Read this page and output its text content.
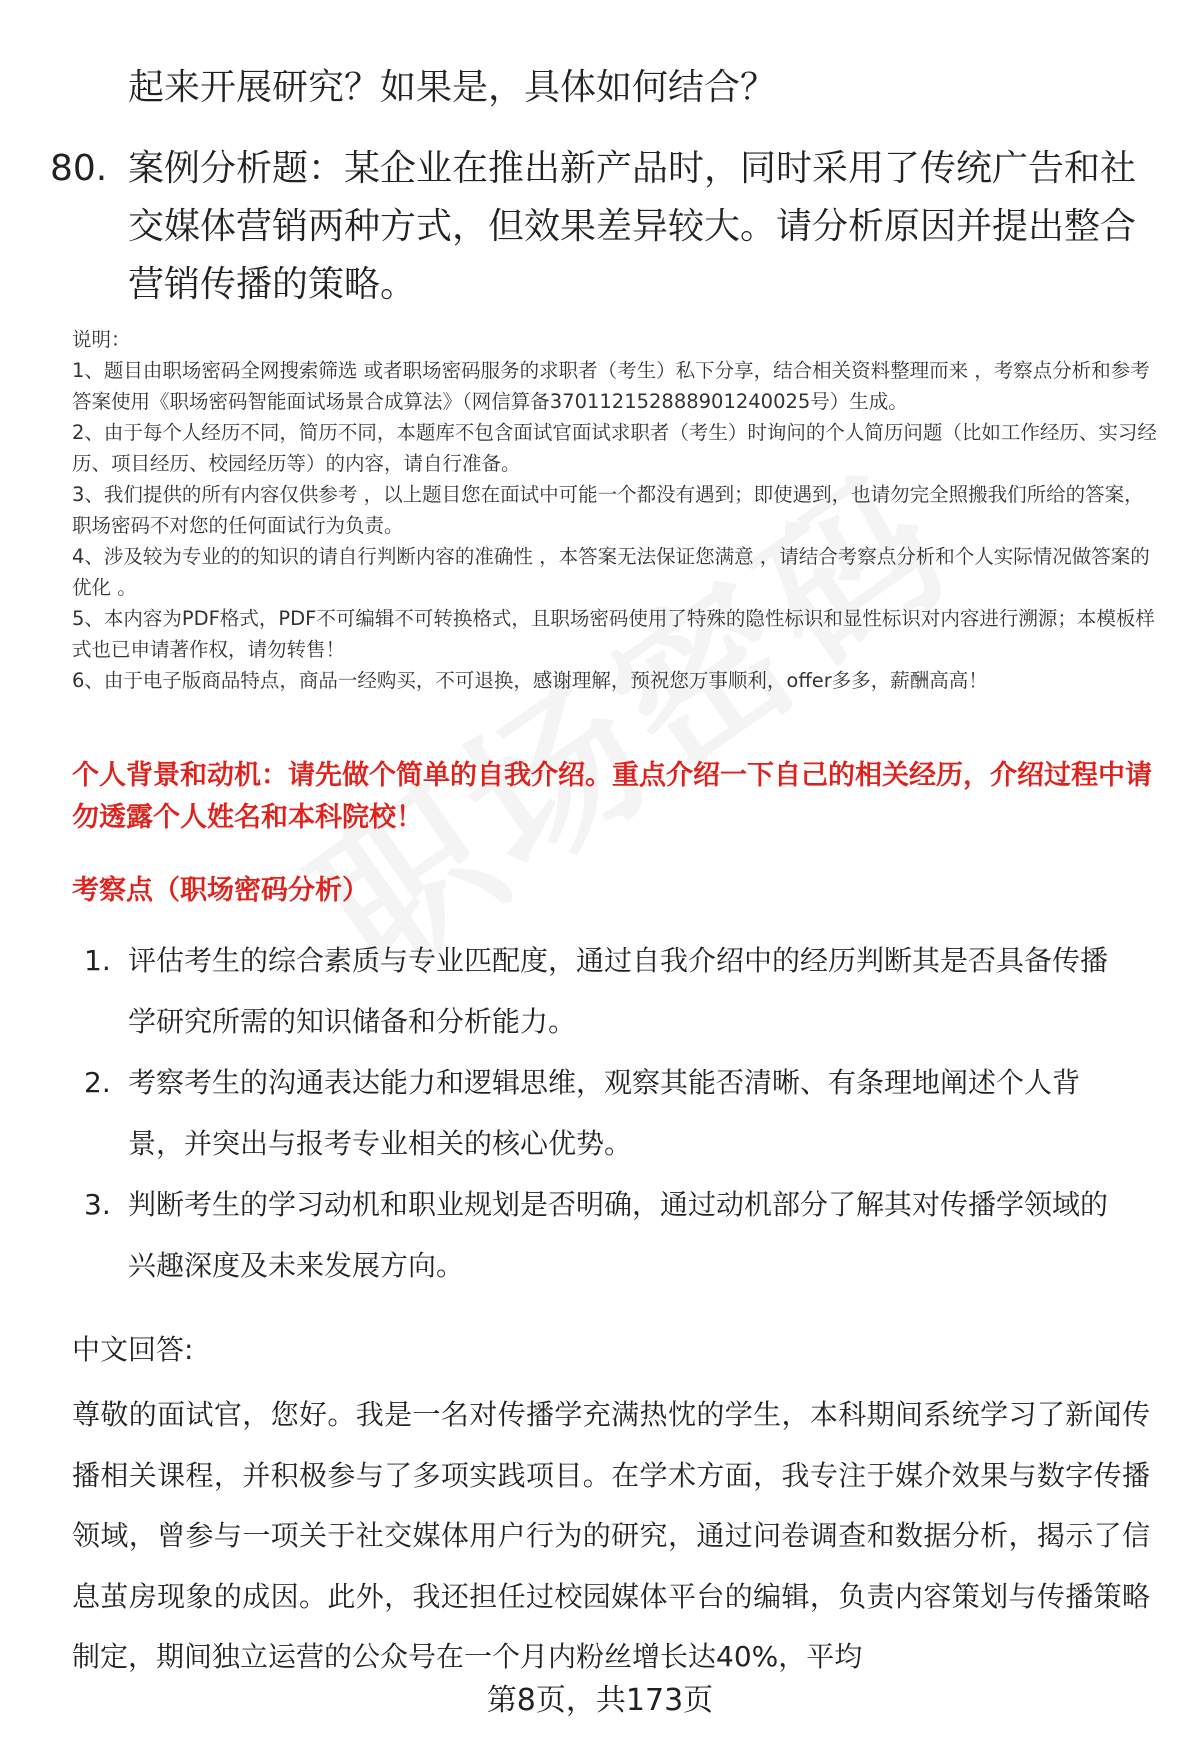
起来开展研究？如果是，具体如何结合？
80. 案例分析题：某企业在推出新产品时，同时采用了传统广告和社交媒体营销两种方式，但效果差异较大。请分析原因并提出整合营销传播的策略。

说明：

1、题目由职场密码全网搜索筛选 或者职场密码服务的求职者（考生）私下分享，结合相关资料整理而来 ，考察点分析和参考答案使用《职场密码智能面试场景合成算法》（网信算备370112152888901240025号）生成。

2、由于每个人经历不同，简历不同，本题库不包含面试官面试求职者（考生）时询问的个人简历问题（比如工作经历、实习经历、项目经历、校园经历等）的内容，请自行准备。

3、我们提供的所有内容仅供参考 ，以上题目您在面试中可能一个都没有遇到；即使遇到，也请勿完全照搬我们所给的答案，职场密码不对您的任何面试行为负责。

4、涉及较为专业的的知识的请自行判断内容的准确性 ，本答案无法保证您满意 ，请结合考察点分析和个人实际情况做答案的优化 。

5、本内容为PDF格式，PDF不可编辑不可转换格式，且职场密码使用了特殊的隐性标识和显性标识对内容进行溯源；本模板样式也已申请著作权，请勿转售！

6、由于电子版商品特点，商品一经购买，不可退换，感谢理解，预祝您万事顺利，offer多多，薪酬高高！

个人背景和动机：请先做个简单的自我介绍。重点介绍一下自己的相关经历，介绍过程中请勿透露个人姓名和本科院校！
考察点（职场密码分析）
1. 评估考生的综合素质与专业匹配度，通过自我介绍中的经历判断其是否具备传播学研究所需的知识储备和分析能力。
2. 考察考生的沟通表达能力和逻辑思维，观察其能否清晰、有条理地阐述个人背景，并突出与报考专业相关的核心优势。
3. 判断考生的学习动机和职业规划是否明确，通过动机部分了解其对传播学领域的兴趣深度及未来发展方向。
中文回答:
尊敬的面试官，您好。我是一名对传播学充满热忱的学生，本科期间系统学习了新闻传播相关课程，并积极参与了多项实践项目。在学术方面，我专注于媒介效果与数字传播领域，曾参与一项关于社交媒体用户行为的研究，通过问卷调查和数据分析，揭示了信息茧房现象的成因。此外，我还担任过校园媒体平台的编辑，负责内容策划与传播策略制定，期间独立运营的公众号在一个月内粉丝增长达40%，平均
第8页，共173页
